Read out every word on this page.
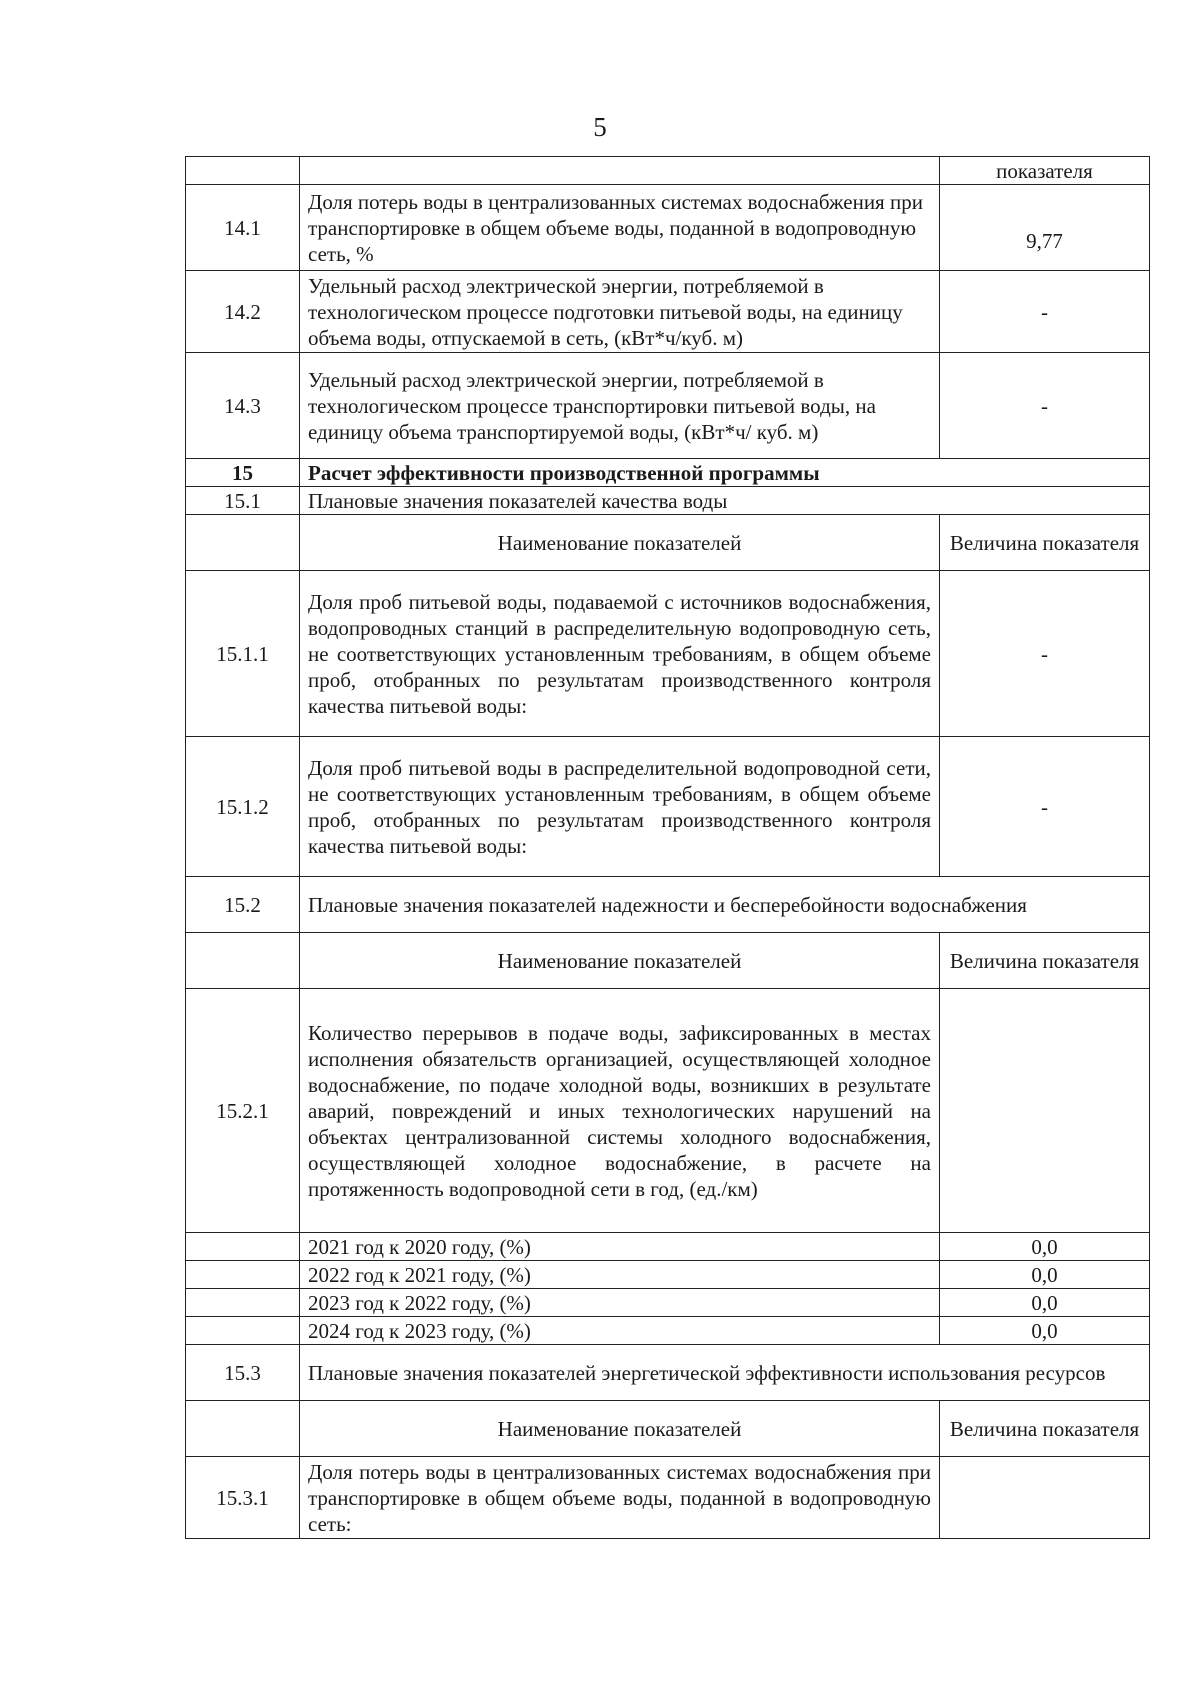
5
		показателя
14.1	Доля потерь воды в централизованных системах водоснабжения при транспортировке в общем объеме воды, поданной в водопроводную сеть, %	9,77
14.2	Удельный расход электрической энергии, потребляемой в технологическом процессе подготовки питьевой воды, на единицу объема воды, отпускаемой в сеть, (кВт*ч/куб. м)	-
14.3	Удельный расход электрической энергии, потребляемой в технологическом процессе транспортировки питьевой воды, на единицу объема транспортируемой воды, (кВт*ч/ куб. м)	-
15	Расчет эффективности производственной программы	
15.1	Плановые значения показателей качества воды	
	Наименование показателей	Величина показателя
15.1.1	Доля проб питьевой воды, подаваемой с источников водоснабжения, водопроводных станций в распределительную водопроводную сеть, не соответствующих установленным требованиям, в общем объеме проб, отобранных по результатам производственного контроля качества питьевой воды:	-
15.1.2	Доля проб питьевой воды в распределительной водопроводной сети, не соответствующих установленным требованиям, в общем объеме проб, отобранных по результатам производственного контроля качества питьевой воды:	-
15.2	Плановые значения показателей надежности и бесперебойности водоснабжения	
	Наименование показателей	Величина показателя
15.2.1	Количество перерывов в подаче воды, зафиксированных в местах исполнения обязательств организацией, осуществляющей холодное водоснабжение, по подаче холодной воды, возникших в результате аварий, повреждений и иных технологических нарушений на объектах централизованной системы холодного водоснабжения, осуществляющей холодное водоснабжение, в расчете на протяженность водопроводной сети в год, (ед./км)	
	2021 год к 2020 году, (%)	0,0
	2022 год к 2021 году, (%)	0,0
	2023 год к 2022 году, (%)	0,0
	2024 год к 2023 году, (%)	0,0
15.3	Плановые значения показателей энергетической эффективности использования ресурсов	
	Наименование показателей	Величина показателя
15.3.1	Доля потерь воды в централизованных системах водоснабжения при транспортировке в общем объеме воды, поданной в водопроводную сеть:	
